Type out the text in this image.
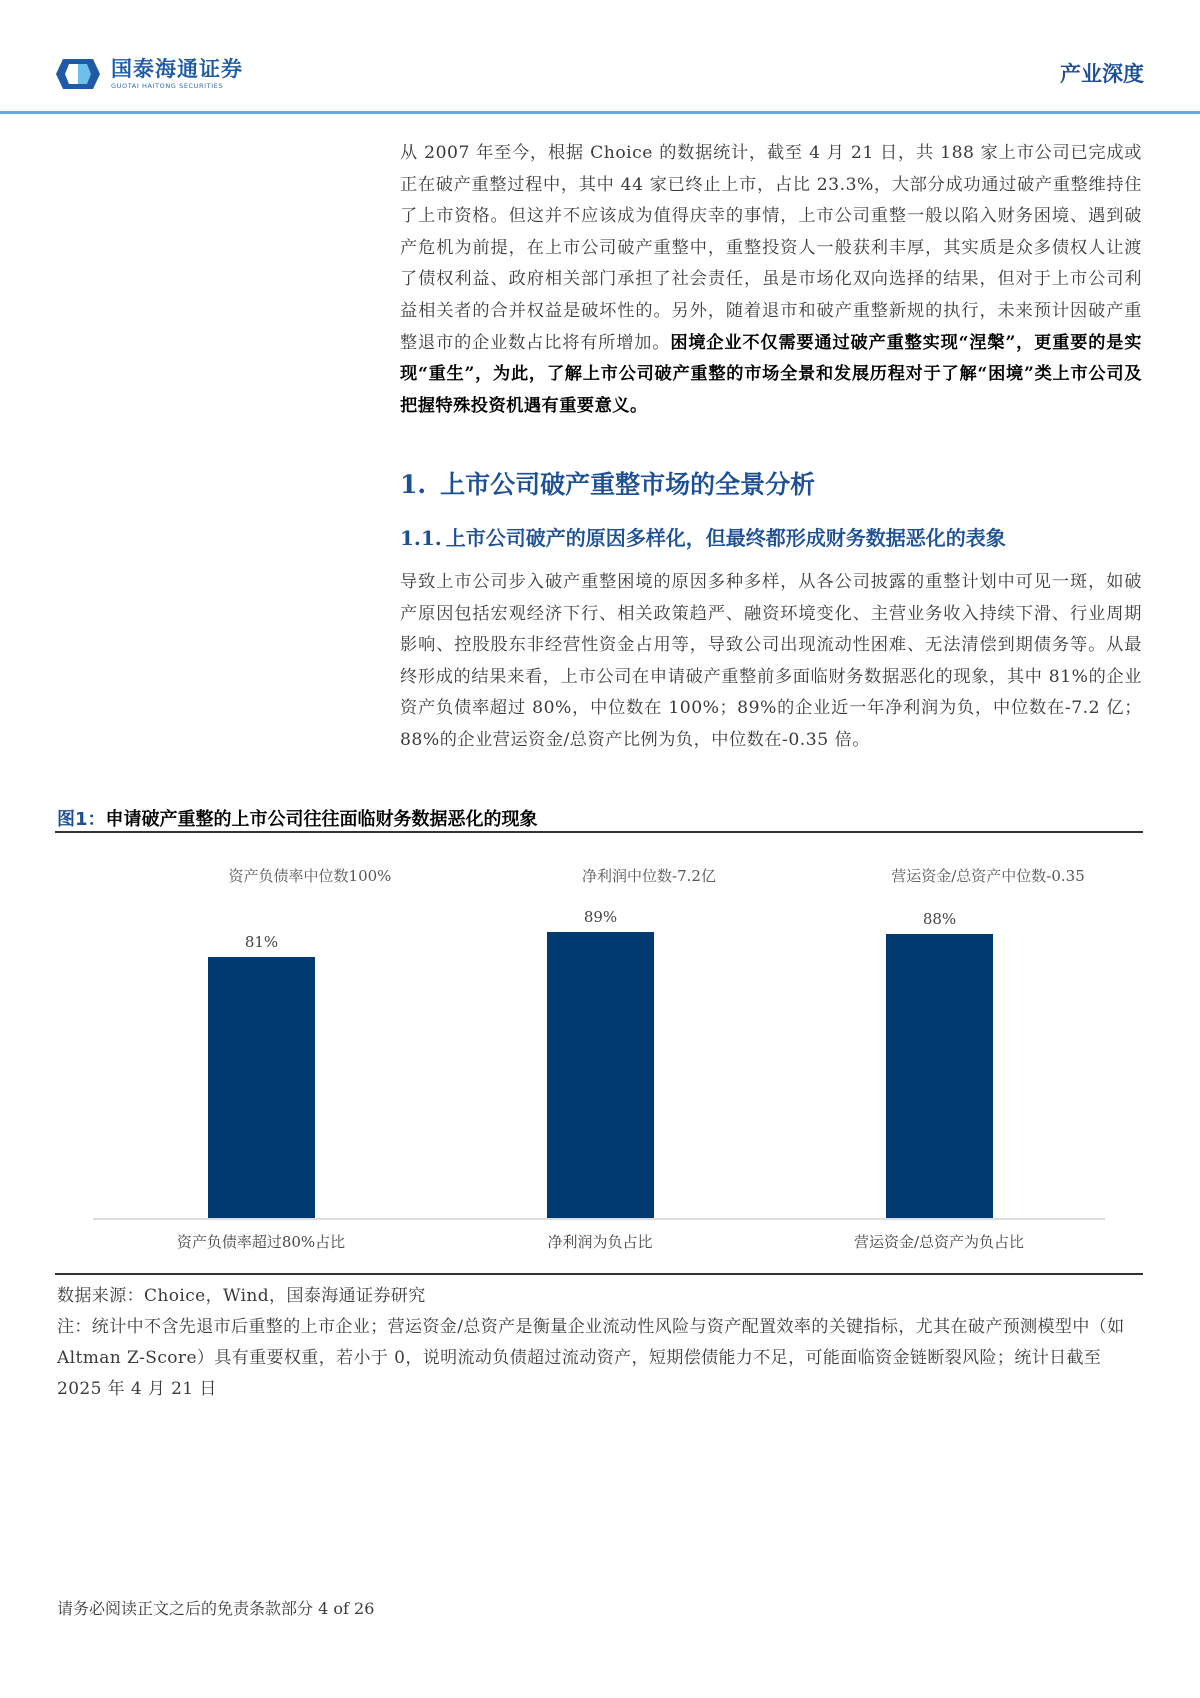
国泰海通证券
GUOTAI HAITONG SECURITIES	产业深度
从 2007 年至今，根据 Choice 的数据统计，截至 4 月 21 日，共 188 家上市公司已完成或正在破产重整过程中，其中 44 家已终止上市，占比 23.3%，大部分成功通过破产重整维持住了上市资格。但这并不应该成为值得庆幸的事情，上市公司重整一般以陷入财务困境、遇到破产危机为前提，在上市公司破产重整中，重整投资人一般获利丰厚，其实质是众多债权人让渡了债权利益、政府相关部门承担了社会责任，虽是市场化双向选择的结果，但对于上市公司利益相关者的合并权益是破坏性的。另外，随着退市和破产重整新规的执行，未来预计因破产重整退市的企业数占比将有所增加。困境企业不仅需要通过破产重整实现“涅槃”，更重要的是实现“重生”，为此，了解上市公司破产重整的市场全景和发展历程对于了解“困境”类上市公司及把握特殊投资机遇有重要意义。
1. 上市公司破产重整市场的全景分析
1.1. 上市公司破产的原因多样化，但最终都形成财务数据恶化的表象
导致上市公司步入破产重整困境的原因多种多样，从各公司披露的重整计划中可见一斑，如破产原因包括宏观经济下行、相关政策趋严、融资环境变化、主营业务收入持续下滑、行业周期影响、控股股东非经营性资金占用等，导致公司出现流动性困难、无法清偿到期债务等。从最终形成的结果来看，上市公司在申请破产重整前多面临财务数据恶化的现象，其中 81%的企业资产负债率超过 80%，中位数在 100%；89%的企业近一年净利润为负，中位数在-7.2 亿；88%的企业营运资金/总资产比例为负，中位数在-0.35 倍。
图1：申请破产重整的上市公司往往面临财务数据恶化的现象
资产负债率中位数100%	净利润中位数-7.2亿	营运资金/总资产中位数-0.35
81%
89%	88%
资产负债率超过80%占比	净利润为负占比	营运资金/总资产为负占比
数据来源：Choice，Wind，国泰海通证券研究
注：统计中不含先退市后重整的上市企业；营运资金/总资产是衡量企业流动性风险与资产配置效率的关键指标，尤其在破产预测模型中（如 Altman Z-Score）具有重要权重，若小于 0，说明流动负债超过流动资产，短期偿债能力不足，可能面临资金链断裂风险；统计日截至 2025 年 4 月 21 日
请务必阅读正文之后的免责条款部分 4 of 26
